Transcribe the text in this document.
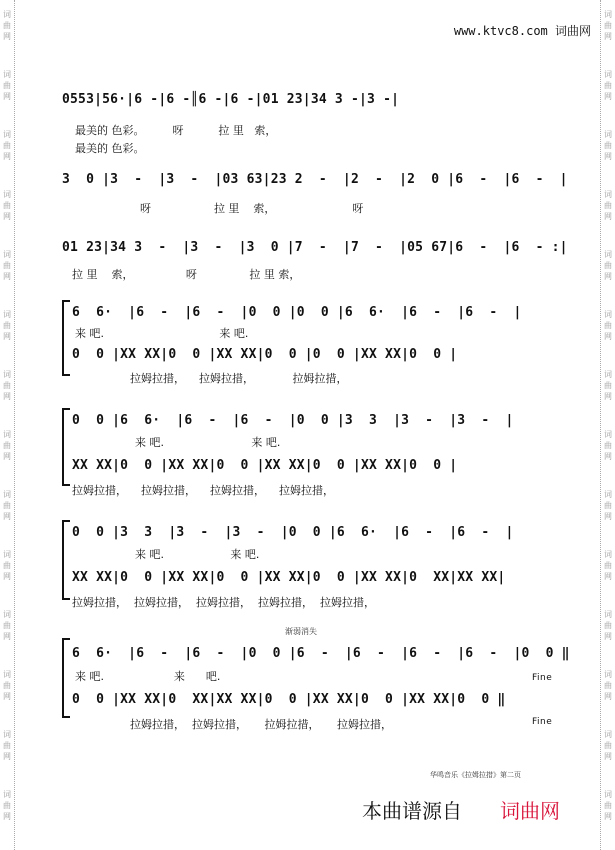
词
曲
网
词
曲
网
词
曲
网
词
曲
网
词
曲
网
词
曲
网
词
曲
网
词
曲
网
词
曲
网
词
曲
网
词
曲
网
词
曲
网
词
曲
网
词
曲
网
词
曲
网
词
曲
网
词
曲
网
词
曲
网
词
曲
网
词
曲
网
词
曲
网
词
曲
网
词
曲
网
词
曲
网
词
曲
网
词
曲
网
词
曲
网
词
曲
网
www.ktvc8.com 词曲网
0553|56·|6 -|6 -║6 -|6 -|01 23|34 3 -|3 -|
最美的 色彩。        呀          拉 里   索，
最美的 色彩。
3  0 |3  -  |3  -  |03 63|23 2  -  |2  -  |2  0 |6  -  |6  -  |
呀                  拉 里    索，                      呀
01 23|34 3  -  |3  -  |3  0 |7  -  |7  -  |05 67|6  -  |6  - :|
拉 里    索，               呀               拉 里 索，
6  6·  |6  -  |6  -  |0  0 |0  0 |6  6·  |6  -  |6  -  |
来 吧.                                 来 吧.
0  0 |XX XX|0  0 |XX XX|0  0 |0  0 |XX XX|0  0 |
拉姆拉措，    拉姆拉措，           拉姆拉措，
0  0 |6  6·  |6  -  |6  -  |0  0 |3  3  |3  -  |3  -  |
来 吧.                         来 吧.
XX XX|0  0 |XX XX|0  0 |XX XX|0  0 |XX XX|0  0 |
拉姆拉措，    拉姆拉措，    拉姆拉措，    拉姆拉措，
0  0 |3  3  |3  -  |3  -  |0  0 |6  6·  |6  -  |6  -  |
来 吧.                   来 吧.
XX XX|0  0 |XX XX|0  0 |XX XX|0  0 |XX XX|0  XX|XX XX|
拉姆拉措，  拉姆拉措，  拉姆拉措，  拉姆拉措，  拉姆拉措，
渐弱消失
6  6·  |6  -  |6  -  |0  0 |6  -  |6  -  |6  -  |6  -  |0  0 ‖
来 吧.                    来      吧.
0  0 |XX XX|0  XX|XX XX|0  0 |XX XX|0  0 |XX XX|0  0 ‖
拉姆拉措，  拉姆拉措，     拉姆拉措，     拉姆拉措，
Fine
Fine
华鸣音乐《拉姆拉措》第二页
本曲谱源自 词曲网
